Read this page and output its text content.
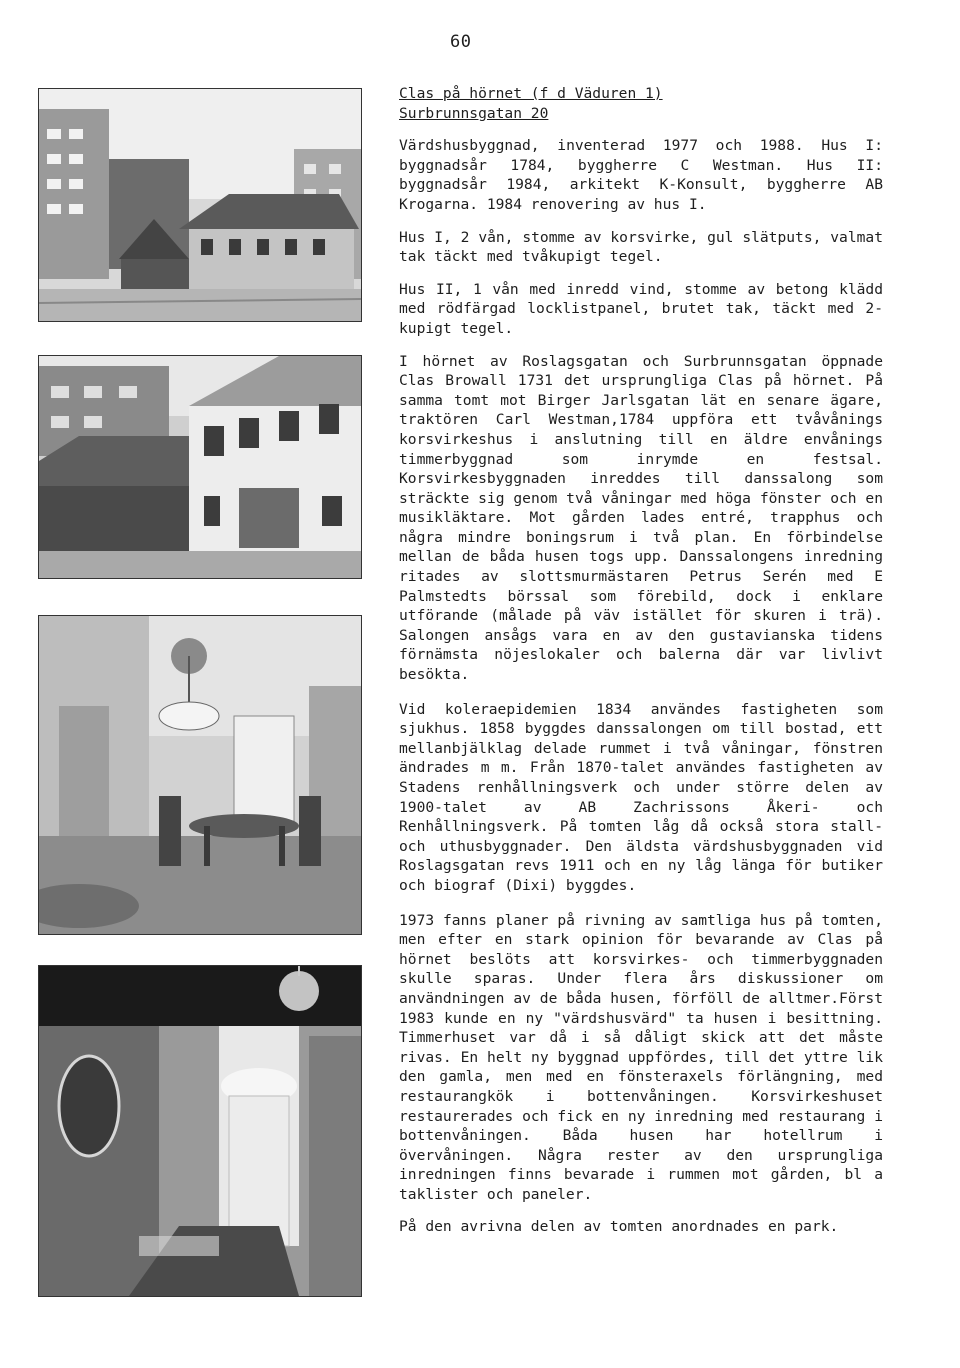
60

Clas på hörnet (f d Väduren 1)

Surbrunnsgatan 20

Värdshusbyggnad, inventerad 1977 och 1988. Hus I: byggnadsår 1784, byggherre C Westman. Hus II: byggnadsår 1984, arkitekt K-Konsult, byggherre AB Krogarna. 1984 renovering av hus I.

Hus I, 2 vån, stomme av korsvirke, gul slätputs, valmat tak täckt med tvåkupigt tegel.

Hus II, 1 vån med inredd vind, stomme av betong klädd med rödfärgad locklistpanel, brutet tak, täckt med 2-kupigt tegel.

I hörnet av Roslagsgatan och Surbrunnsgatan öppnade Clas Browall 1731 det ursprungliga Clas på hörnet. På samma tomt mot Birger Jarlsgatan lät en senare ägare, traktören Carl Westman,1784 uppföra ett tvåvånings korsvirkeshus i anslutning till en äldre envånings timmerbyggnad som inrymde en festsal. Korsvirkesbyggnaden inreddes till danssalong som sträckte sig genom två våningar med höga fönster och en musikläktare. Mot gården lades entré, trapphus och några mindre boningsrum i två plan. En förbindelse mellan de båda husen togs upp. Danssalongens inredning ritades av slottsmurmästaren Petrus Serén med E Palmstedts börssal som förebild, dock i enklare utförande (målade på väv istället för skuren i trä). Salongen ansågs vara en av den gustavianska tidens förnämsta nöjeslokaler och balerna där var livlivt besökta.

Vid koleraepidemien 1834 användes fastigheten som sjukhus. 1858 byggdes danssalongen om till bostad, ett mellanbjälklag delade rummet i två våningar, fönstren ändrades m m. Från 1870-talet användes fastigheten av Stadens renhållningsverk och under större delen av 1900-talet av AB Zachrissons Åkeri- och Renhållningsverk. På tomten låg då också stora stall- och uthusbyggnader. Den äldsta värdshusbyggnaden vid Roslagsgatan revs 1911 och en ny låg länga för butiker och biograf (Dixi) byggdes.

1973 fanns planer på rivning av samtliga hus på tomten, men efter en stark opinion för bevarande av Clas på hörnet beslöts att korsvirkes- och timmerbyggnaden skulle sparas. Under flera års diskussioner om användningen av de båda husen, förföll de alltmer.Först 1983 kunde en ny "värdshusvärd" ta husen i besittning. Timmerhuset var då i så dåligt skick att det måste rivas. En helt ny byggnad uppfördes, till det yttre lik den gamla, men med en fönsteraxels förlängning, med restaurangkök i bottenvåningen. Korsvirkeshuset restaurerades och fick en ny inredning med restaurang i bottenvåningen. Båda husen har hotellrum i övervåningen. Några rester av den ursprungliga inredningen finns bevarade i rummen mot gården, bl a taklister och paneler.

På den avrivna delen av tomten anordnades en park.
